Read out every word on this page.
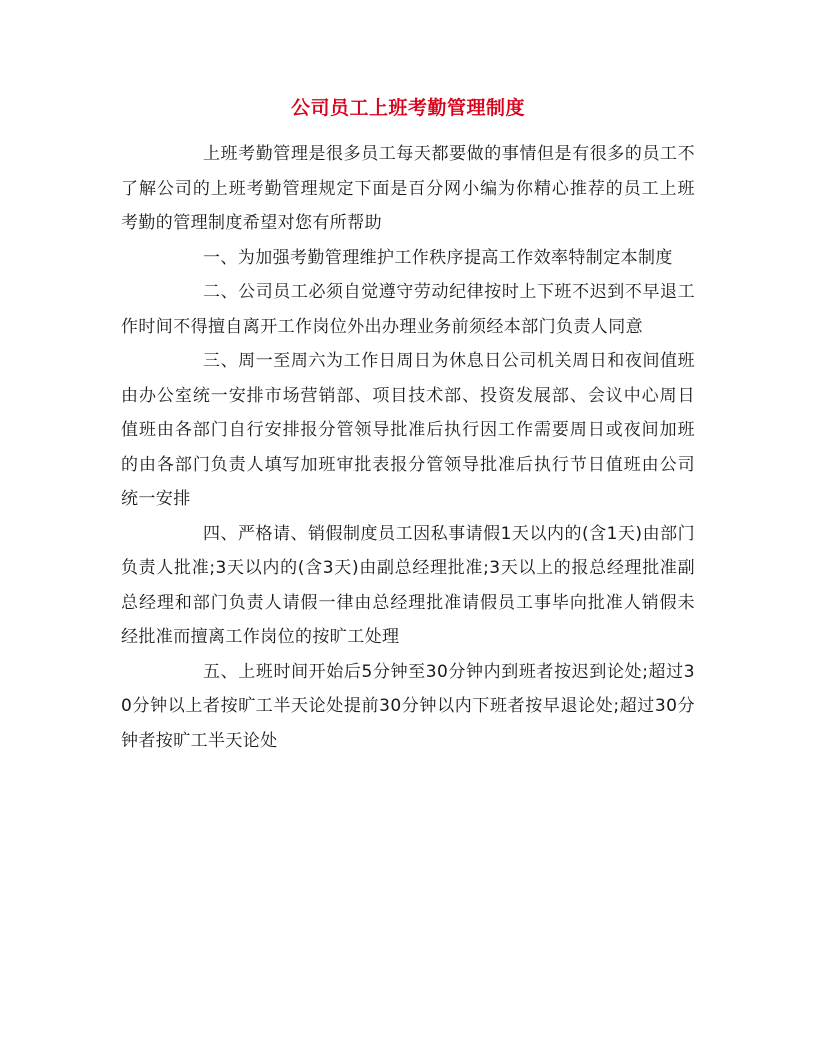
公司员工上班考勤管理制度

上班考勤管理是很多员工每天都要做的事情但是有很多的员工不了解公司的上班考勤管理规定下面是百分网小编为你精心推荐的员工上班考勤的管理制度希望对您有所帮助

一、为加强考勤管理维护工作秩序提高工作效率特制定本制度

二、公司员工必须自觉遵守劳动纪律按时上下班不迟到不早退工作时间不得擅自离开工作岗位外出办理业务前须经本部门负责人同意

三、周一至周六为工作日周日为休息日公司机关周日和夜间值班由办公室统一安排市场营销部、项目技术部、投资发展部、会议中心周日值班由各部门自行安排报分管领导批准后执行因工作需要周日或夜间加班的由各部门负责人填写加班审批表报分管领导批准后执行节日值班由公司统一安排

四、严格请、销假制度员工因私事请假1天以内的(含1天)由部门负责人批准;3天以内的(含3天)由副总经理批准;3天以上的报总经理批准副总经理和部门负责人请假一律由总经理批准请假员工事毕向批准人销假未经批准而擅离工作岗位的按旷工处理

五、上班时间开始后5分钟至30分钟内到班者按迟到论处;超过30分钟以上者按旷工半天论处提前30分钟以内下班者按早退论处;超过30分钟者按旷工半天论处
